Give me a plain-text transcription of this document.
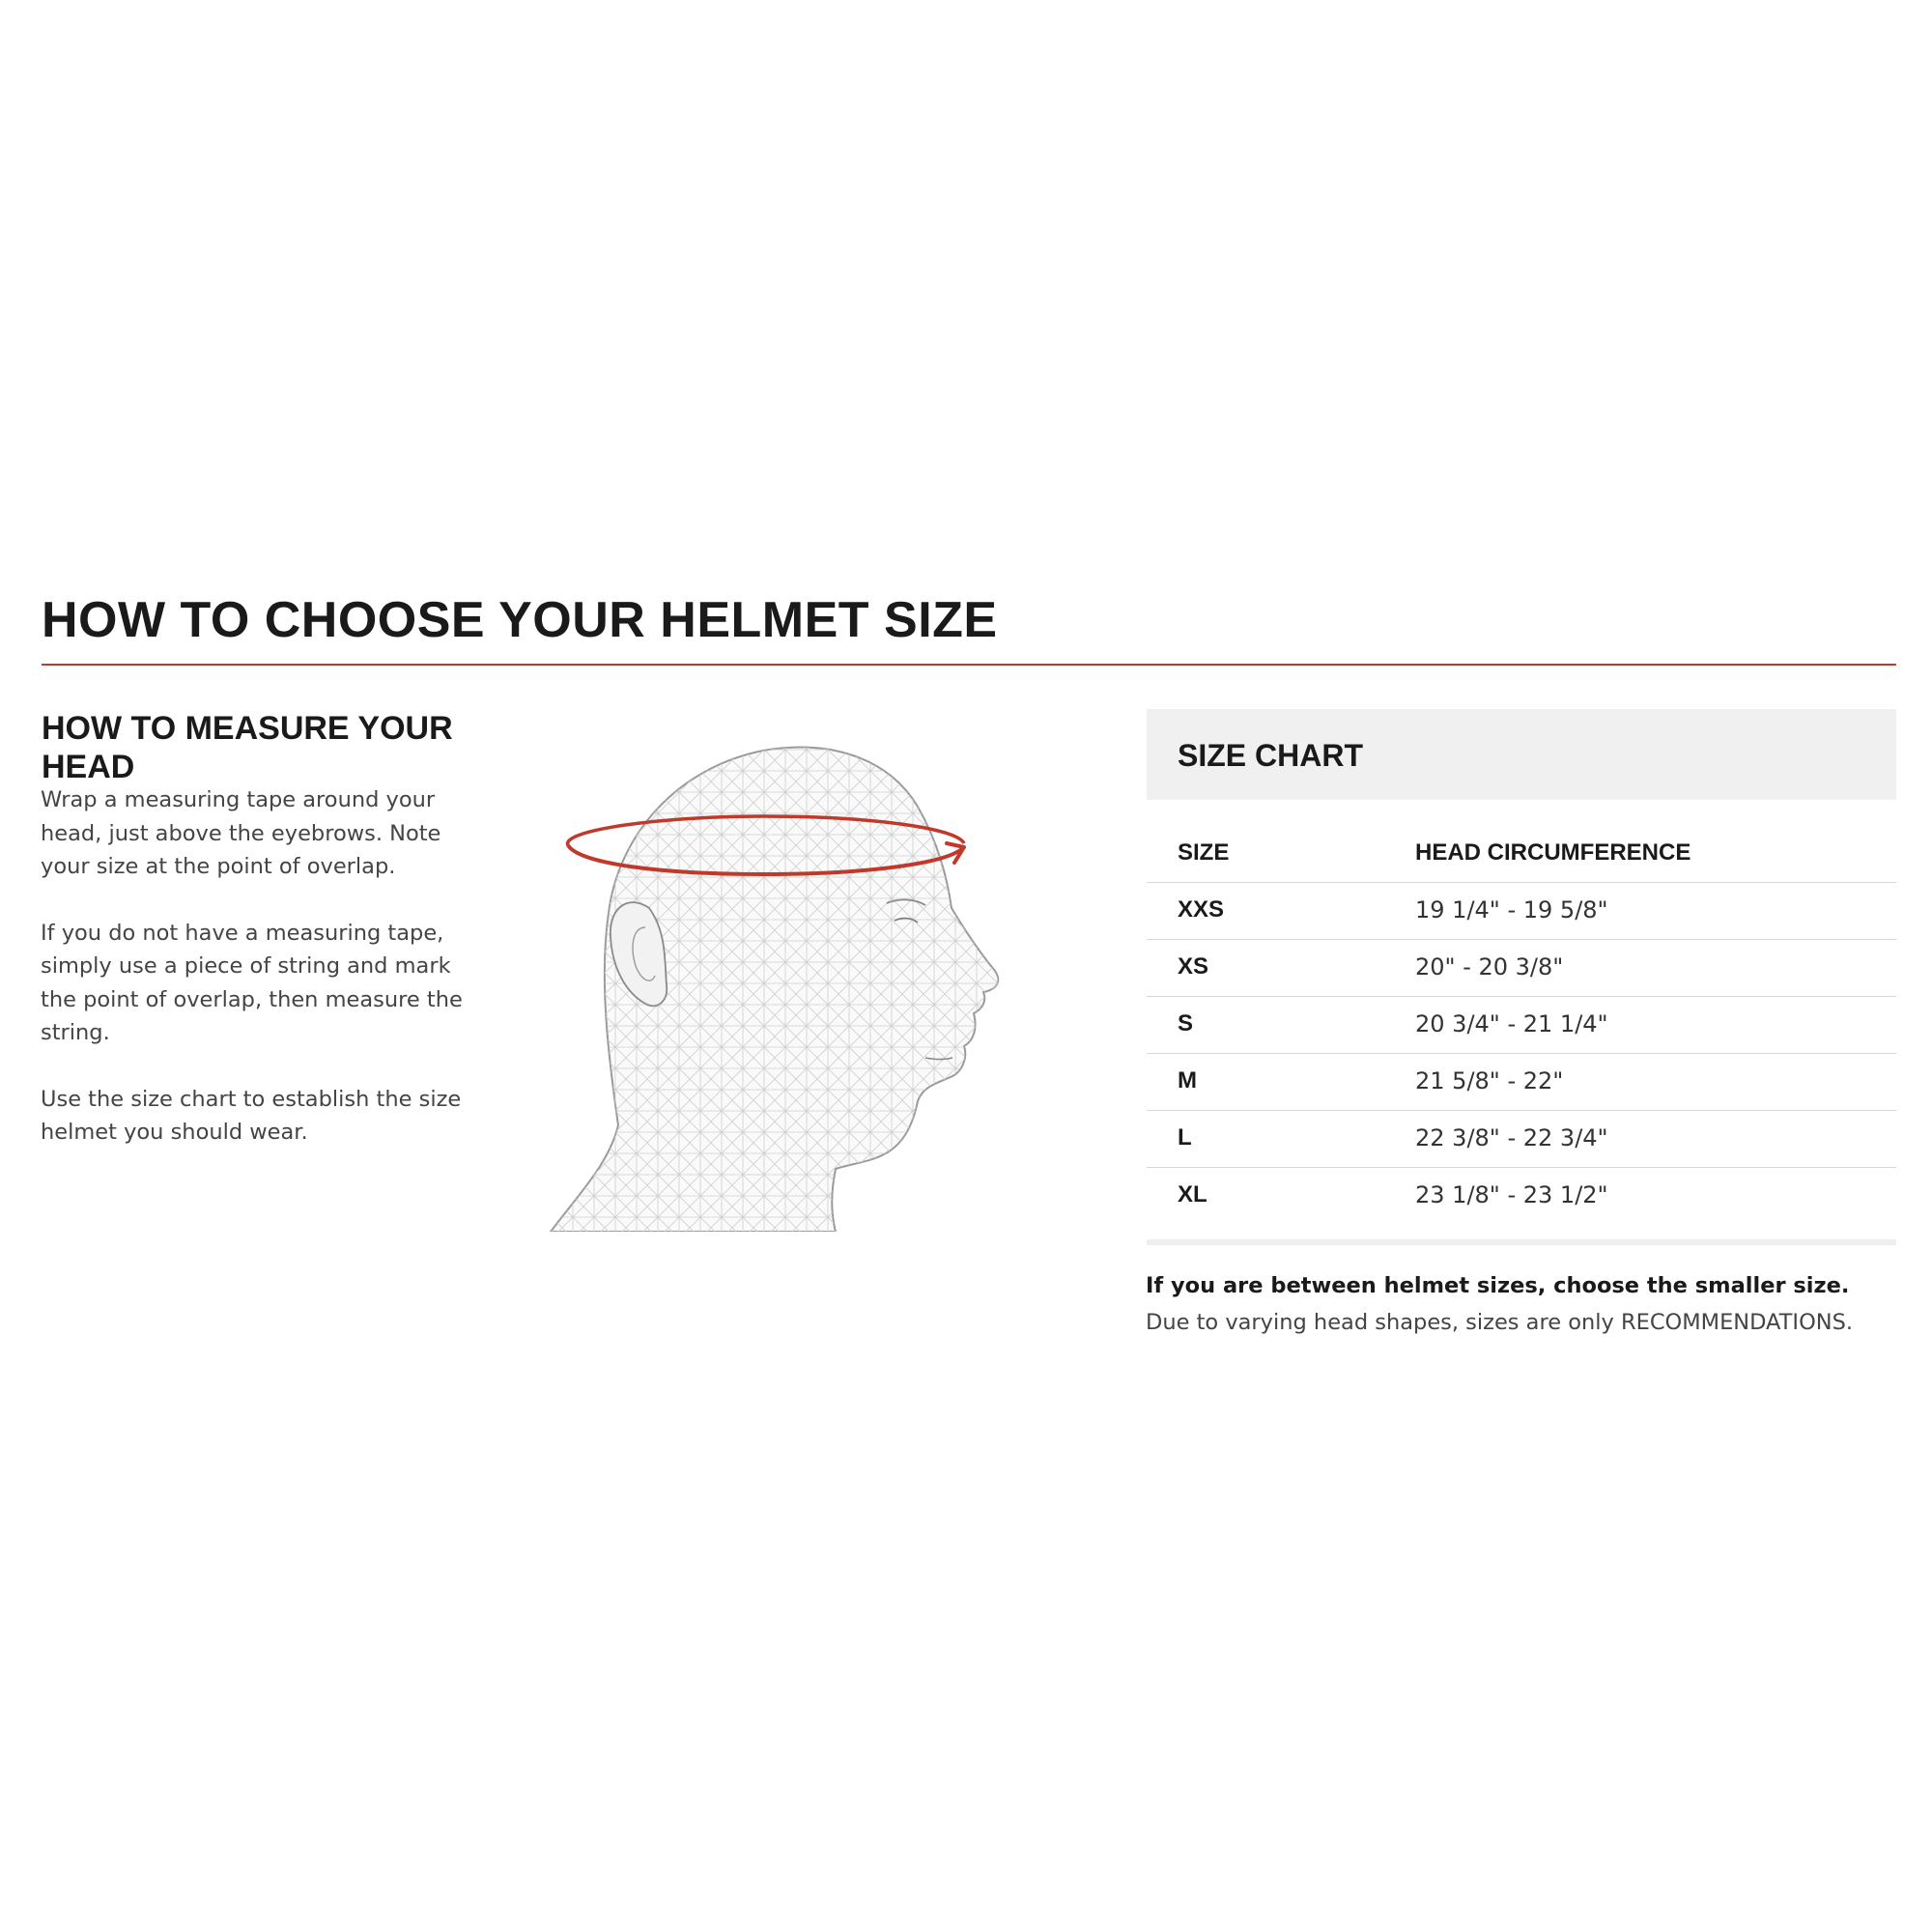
HOW TO CHOOSE YOUR HELMET SIZE
HOW TO MEASURE YOUR HEAD

Wrap a measuring tape around your head, just above the eyebrows. Note your size at the point of overlap.

If you do not have a measuring tape, simply use a piece of string and mark the point of overlap, then measure the string.

Use the size chart to establish the size helmet you should wear.

SIZE CHART
SIZE	HEAD CIRCUMFERENCE
XXS	19 1/4" - 19 5/8"
XS	20" - 20 3/8"
S	20 3/4" - 21 1/4"
M	21 5/8" - 22"
L	22 3/8" - 22 3/4"
XL	23 1/8" - 23 1/2"

If you are between helmet sizes, choose the smaller size.

Due to varying head shapes, sizes are only RECOMMENDATIONS.
